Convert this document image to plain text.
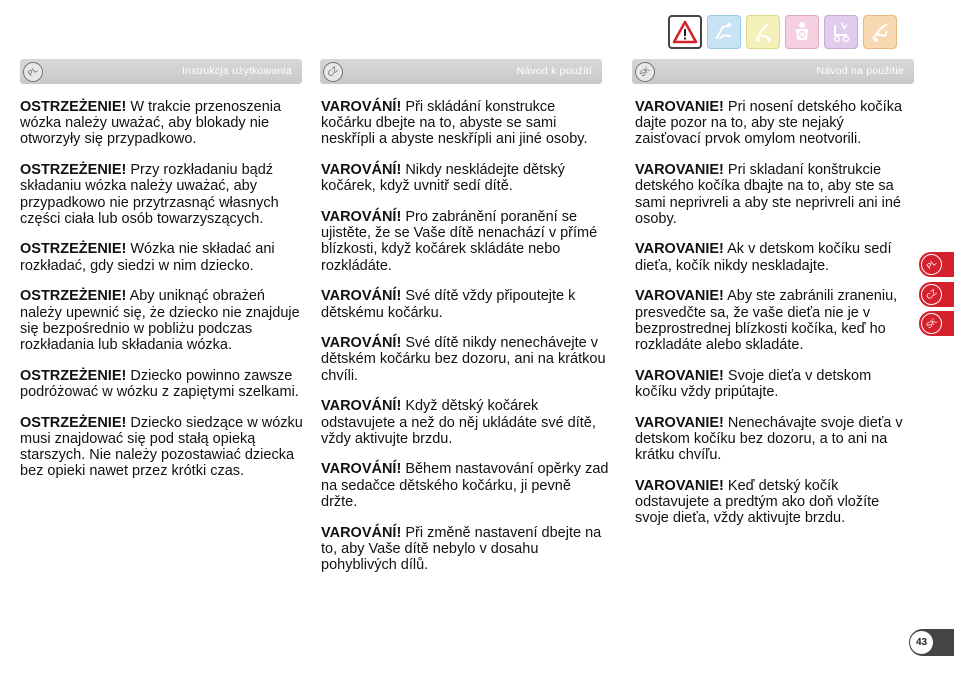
PL	Instrukcja użytkowania	CZ	Návod k použití	SK	Návod na použitie

OSTRZEŻENIE! W trakcie przenoszenia wózka należy uważać, aby blokady nie otworzyły się przypadkowo.

OSTRZEŻENIE! Przy rozkładaniu bądź składaniu wózka należy uważać, aby przypadkowo nie przytrzasnąć własnych części ciała lub osób towarzyszących.

OSTRZEŻENIE! Wózka nie składać ani rozkładać, gdy siedzi w nim dziecko.

OSTRZEŻENIE! Aby uniknąć obrażeń należy upewnić się, że dziecko nie znajduje się bezpośrednio w pobliżu podczas rozkładania lub składania wózka.

OSTRZEŻENIE! Dziecko powinno zawsze podróżować w wózku z zapiętymi szelkami.

OSTRZEŻENIE! Dziecko siedzące w wózku musi znajdować się pod stałą opieką starszych. Nie należy pozostawiać dziecka bez opieki nawet przez krótki czas.

VAROVÁNÍ! Při skládání konstrukce kočárku dbejte na to, abyste se sami neskřípli a abyste neskřípli ani jiné osoby.

VAROVÁNÍ! Nikdy neskládejte dětský kočárek, když uvnitř sedí dítě.

VAROVÁNÍ! Pro zabránění poranění se ujistěte, že se Vaše dítě nenachází v přímé blízkosti, když kočárek skládáte nebo rozkládáte.

VAROVÁNÍ! Své dítě vždy připoutejte k dětskému kočárku.

VAROVÁNÍ! Své dítě nikdy nenechávejte v dětském kočárku bez dozoru, ani na krátkou chvíli.

VAROVÁNÍ! Když dětský kočárek odstavujete a než do něj ukládáte své dítě, vždy aktivujte brzdu.

VAROVÁNÍ! Během nastavování opěrky zad na sedačce dětského kočárku, ji pevně držte.

VAROVÁNÍ! Při změně nastavení dbejte na to, aby Vaše dítě nebylo v dosahu pohyblivých dílů.

VAROVANIE! Pri nosení detského kočíka dajte pozor na to, aby ste nejaký zaisťovací prvok omylom neotvorili.

VAROVANIE! Pri skladaní konštrukcie detského kočíka dbajte na to, aby ste sa sami neprivreli a aby ste neprivreli ani iné osoby.

VAROVANIE! Ak v detskom kočíku sedí dieťa, kočík nikdy neskladajte.

VAROVANIE! Aby ste zabránili zraneniu, presvedčte sa, že vaše dieťa nie je v bezprostrednej blízkosti kočíka, keď ho rozkladáte alebo skladáte.

VAROVANIE! Svoje dieťa v detskom kočíku vždy pripútajte.

VAROVANIE! Nenechávajte svoje dieťa v detskom kočíku bez dozoru, a to ani na krátku chvíľu.

VAROVANIE! Keď detský kočík odstavujete a predtým ako doň vložíte svoje dieťa, vždy aktivujte brzdu.

PL
CZ
SK
43
